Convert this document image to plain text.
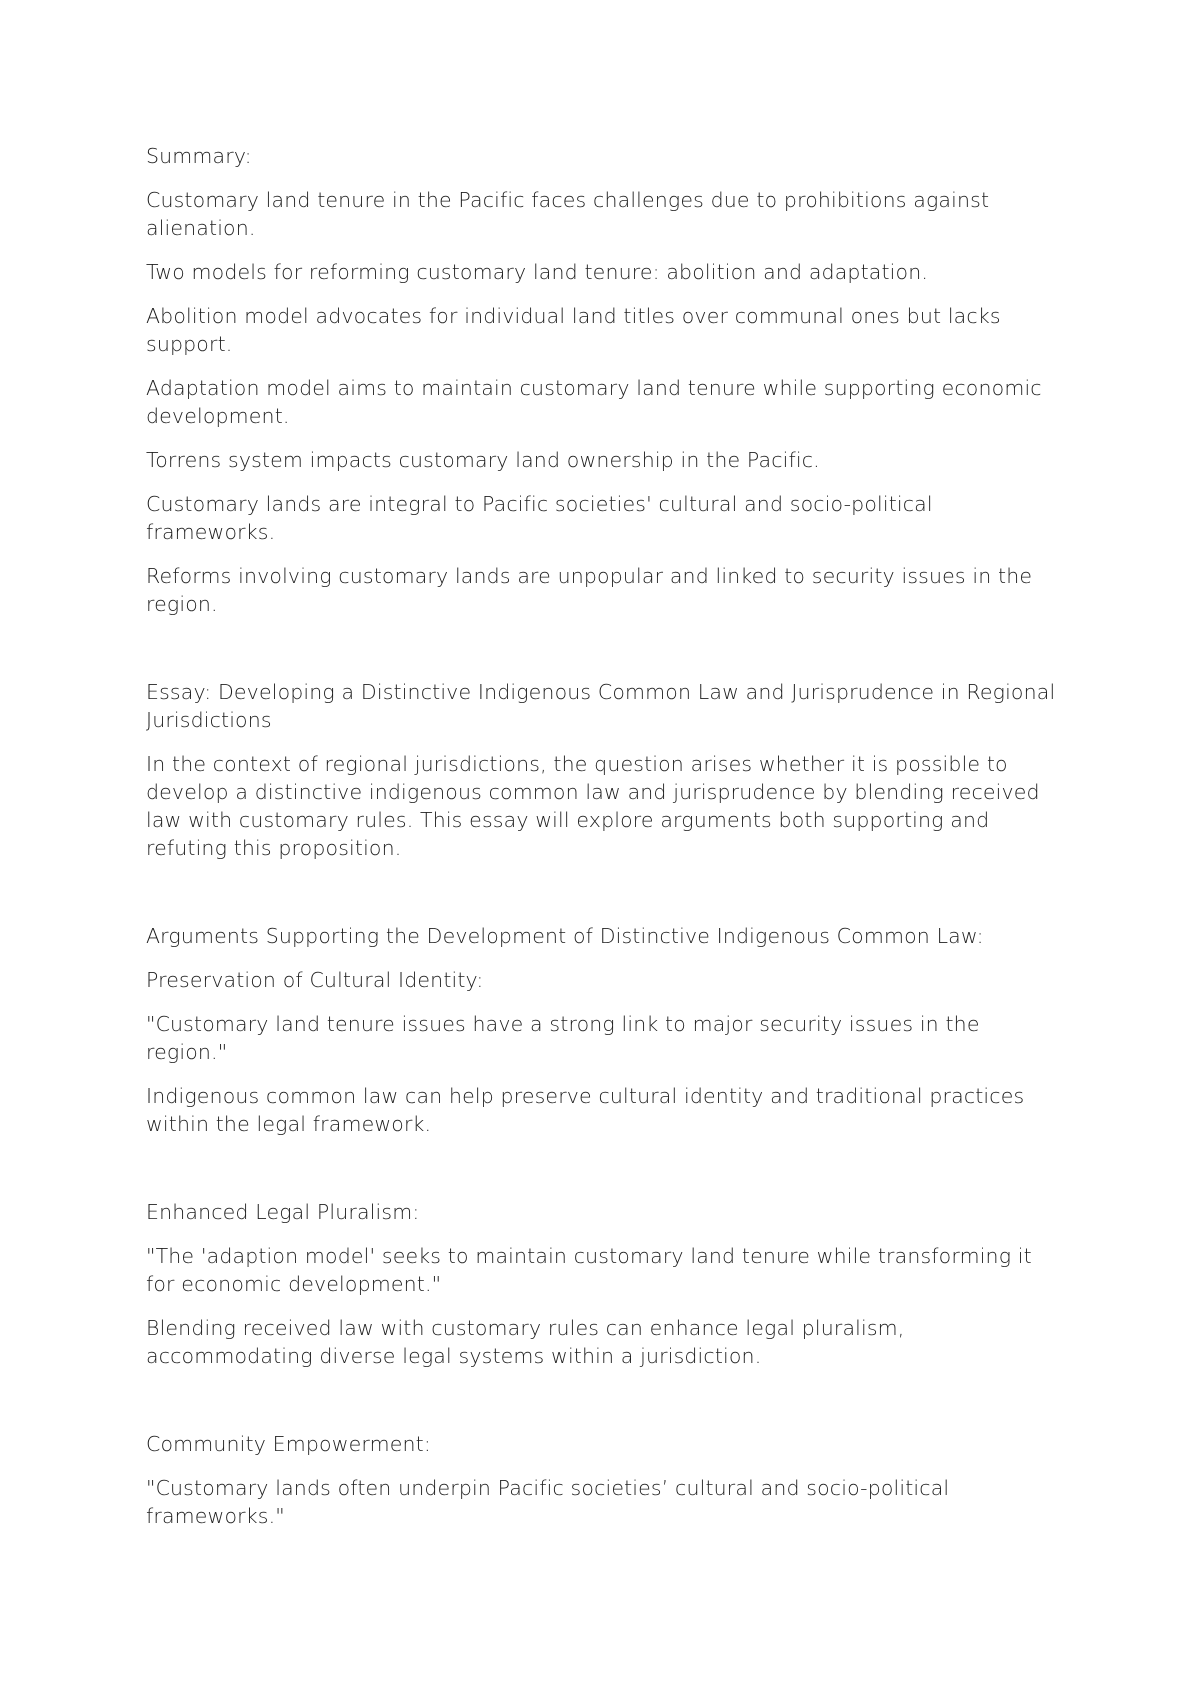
Summary:

Customary land tenure in the Pacific faces challenges due to prohibitions against alienation.

Two models for reforming customary land tenure: abolition and adaptation.

Abolition model advocates for individual land titles over communal ones but lacks support.

Adaptation model aims to maintain customary land tenure while supporting economic development.

Torrens system impacts customary land ownership in the Pacific.

Customary lands are integral to Pacific societies' cultural and socio-political frameworks.

Reforms involving customary lands are unpopular and linked to security issues in the region.

Essay: Developing a Distinctive Indigenous Common Law and Jurisprudence in Regional Jurisdictions

In the context of regional jurisdictions, the question arises whether it is possible to develop a distinctive indigenous common law and jurisprudence by blending received law with customary rules. This essay will explore arguments both supporting and refuting this proposition.

Arguments Supporting the Development of Distinctive Indigenous Common Law:

Preservation of Cultural Identity:

"Customary land tenure issues have a strong link to major security issues in the region."

Indigenous common law can help preserve cultural identity and traditional practices within the legal framework.

Enhanced Legal Pluralism:

"The 'adaption model' seeks to maintain customary land tenure while transforming it for economic development."

Blending received law with customary rules can enhance legal pluralism, accommodating diverse legal systems within a jurisdiction.

Community Empowerment:

"Customary lands often underpin Pacific societies’ cultural and socio-political frameworks."
